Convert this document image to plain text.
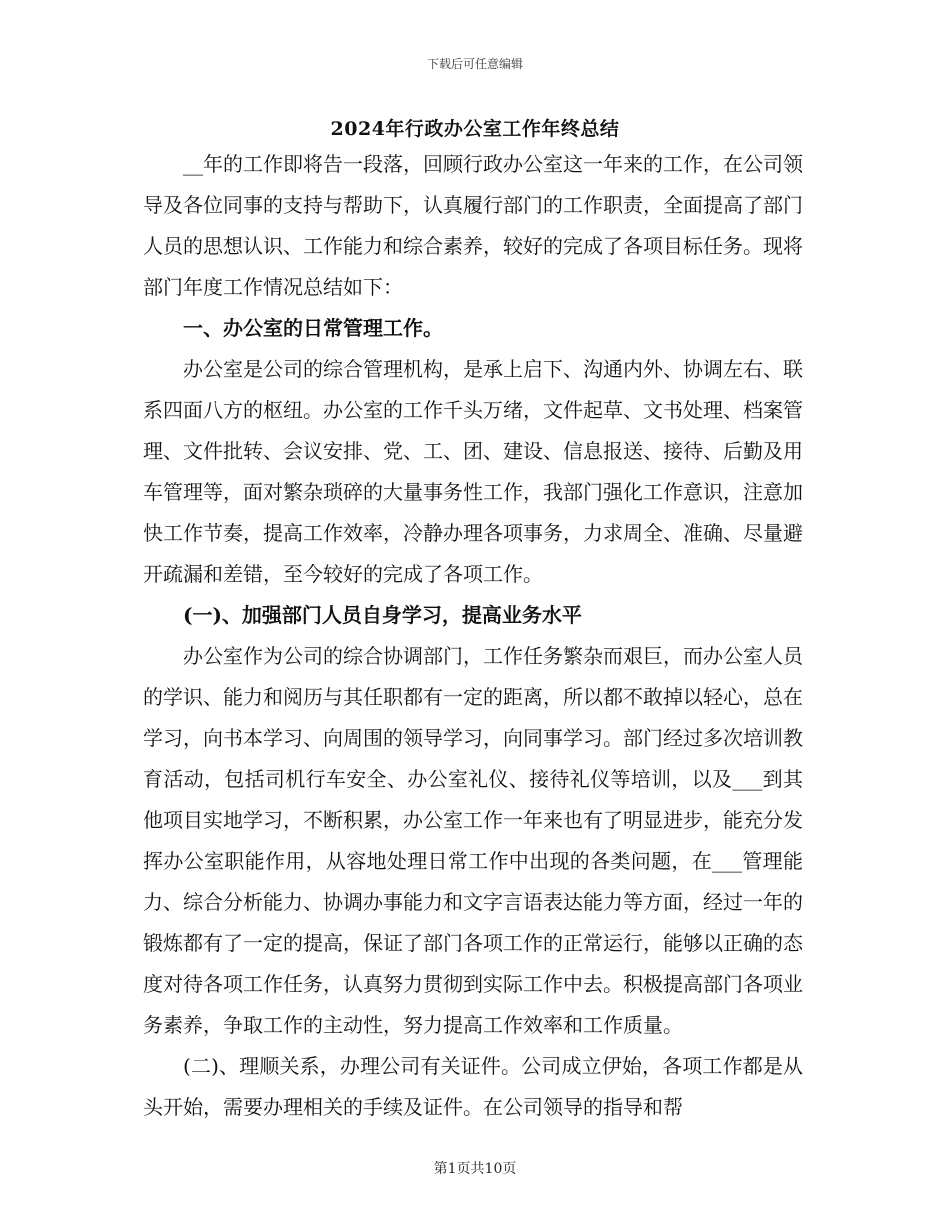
下载后可任意编辑
2024年行政办公室工作年终总结

__年的工作即将告一段落，回顾行政办公室这一年来的工作，在公司领导及各位同事的支持与帮助下，认真履行部门的工作职责，全面提高了部门人员的思想认识、工作能力和综合素养，较好的完成了各项目标任务。现将部门年度工作情况总结如下：

一、办公室的日常管理工作。

办公室是公司的综合管理机构，是承上启下、沟通内外、协调左右、联系四面八方的枢纽。办公室的工作千头万绪，文件起草、文书处理、档案管理、文件批转、会议安排、党、工、团、建设、信息报送、接待、后勤及用车管理等，面对繁杂琐碎的大量事务性工作，我部门强化工作意识，注意加快工作节奏，提高工作效率，冷静办理各项事务，力求周全、准确、尽量避开疏漏和差错，至今较好的完成了各项工作。

(一)、加强部门人员自身学习，提高业务水平

办公室作为公司的综合协调部门，工作任务繁杂而艰巨，而办公室人员的学识、能力和阅历与其任职都有一定的距离，所以都不敢掉以轻心，总在学习，向书本学习、向周围的领导学习，向同事学习。部门经过多次培训教育活动，包括司机行车安全、办公室礼仪、接待礼仪等培训，以及___到其他项目实地学习，不断积累，办公室工作一年来也有了明显进步，能充分发挥办公室职能作用，从容地处理日常工作中出现的各类问题，在___管理能力、综合分析能力、协调办事能力和文字言语表达能力等方面，经过一年的锻炼都有了一定的提高，保证了部门各项工作的正常运行，能够以正确的态度对待各项工作任务，认真努力贯彻到实际工作中去。积极提高部门各项业务素养，争取工作的主动性，努力提高工作效率和工作质量。

(二)、理顺关系，办理公司有关证件。公司成立伊始，各项工作都是从头开始，需要办理相关的手续及证件。在公司领导的指导和帮

第1页共10页
